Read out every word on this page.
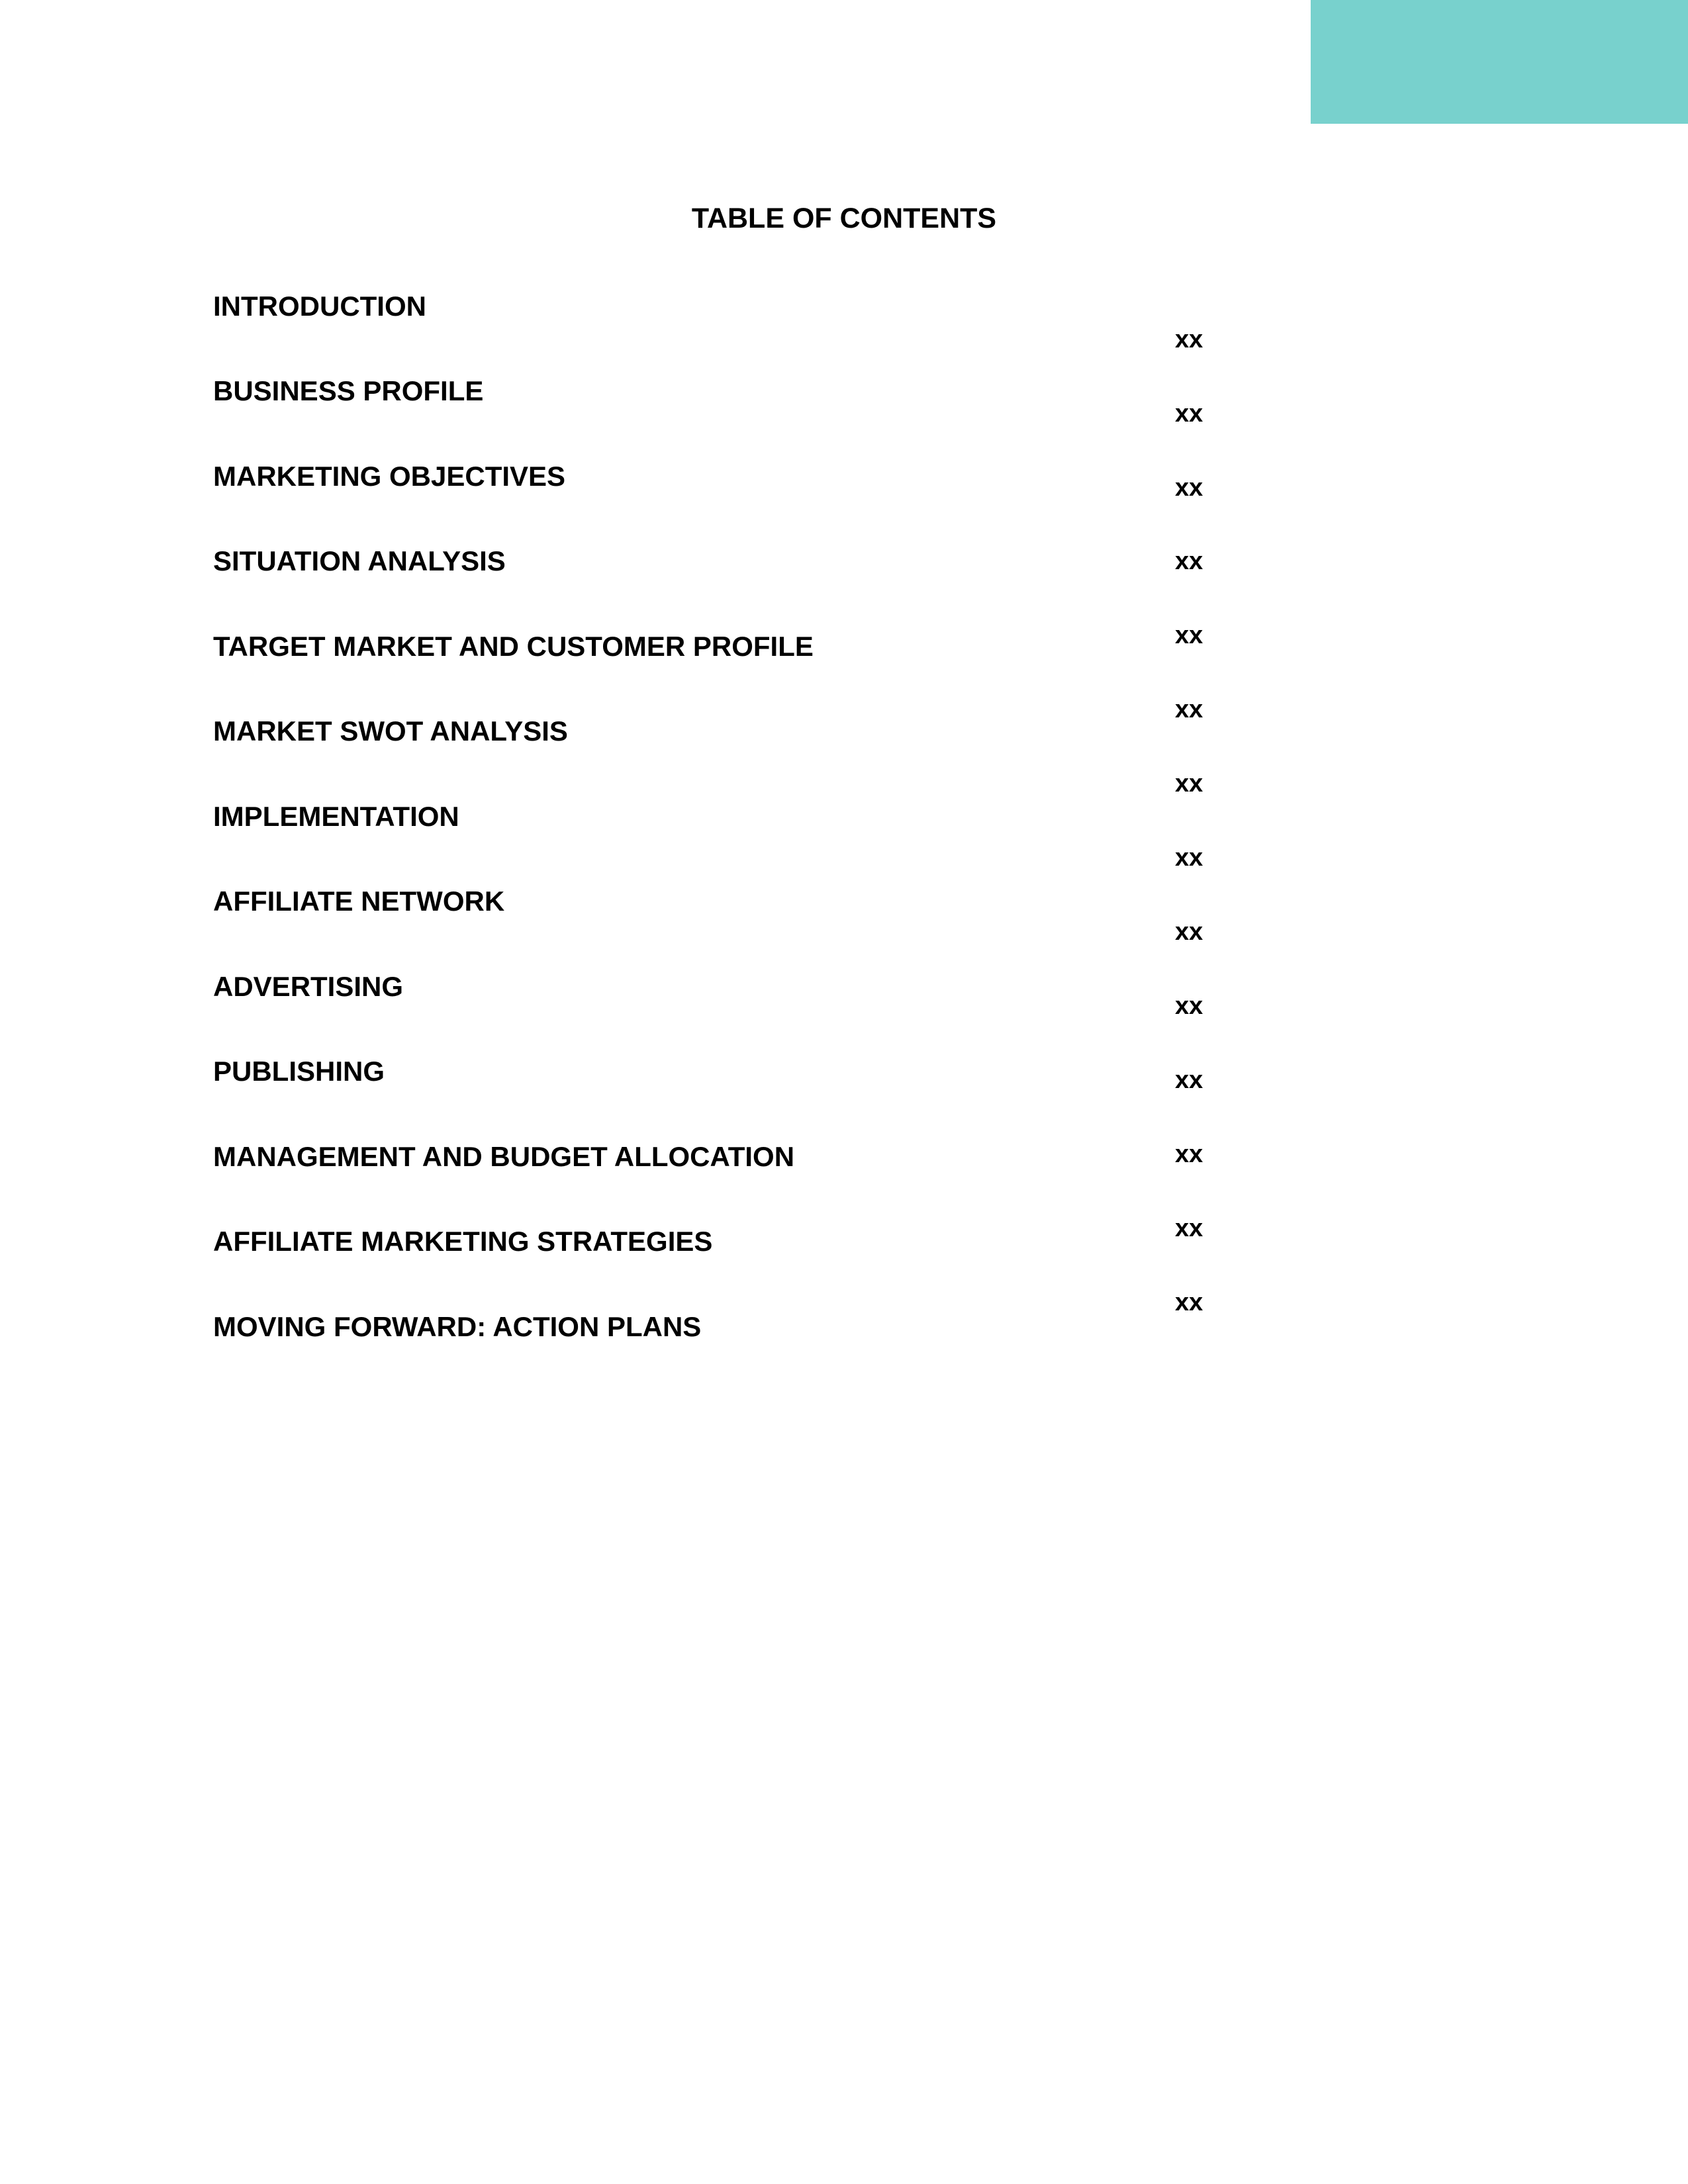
TABLE OF CONTENTS
INTRODUCTION
BUSINESS PROFILE
MARKETING OBJECTIVES
SITUATION ANALYSIS
TARGET MARKET AND CUSTOMER PROFILE
MARKET SWOT ANALYSIS
IMPLEMENTATION
AFFILIATE NETWORK
ADVERTISING
PUBLISHING
MANAGEMENT AND BUDGET ALLOCATION
AFFILIATE MARKETING STRATEGIES
MOVING FORWARD: ACTION PLANS
xx
xx
xx
xx
xx
xx
xx
xx
xx
xx
xx
xx
xx
xx
